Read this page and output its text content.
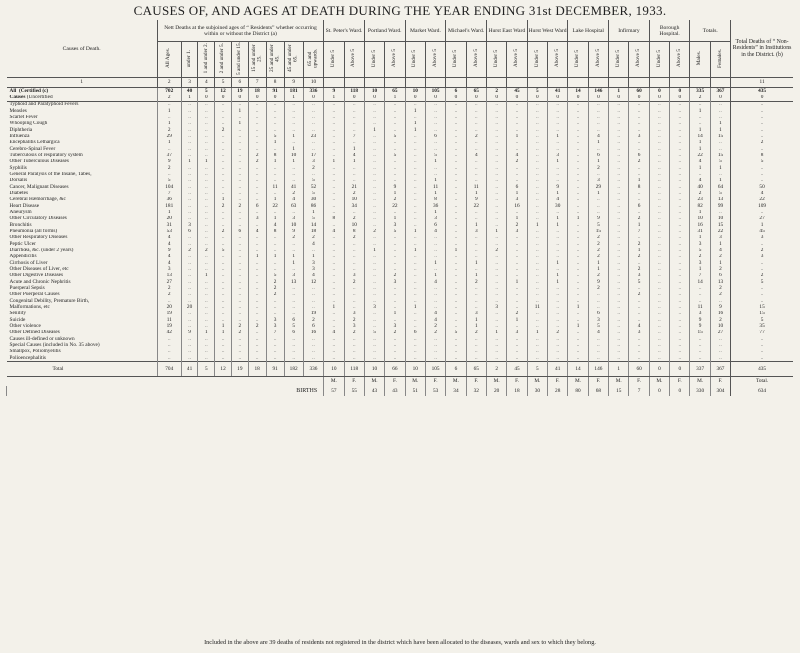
CAUSES OF, AND AGES AT DEATH DURING THE YEAR ENDING 31st DECEMBER, 1933.
Causes of Death.	Nett Deaths at the subjoined ages of “ Residents” whether occurring within or without the District (a)									St. Peter's Ward.		Portland Ward.		Market Ward.		Michael's Ward.		Hurst East Ward		Hurst West Ward		Lake Hospital		Infirmary		Borough Hospital.		Totals.		Total Deaths of “ Non-Residents” in Institutions in the District. (b)
	All Ages.	under 1.	1 and under 2.	2 and under 5.	5 and under 15.	15 and under 25.	25 and under 45.	45 and under 65.	65 and upwards.	Under 5	Above 5	Under 5	Above 5	Under 5	Above 5	Under 5	Above 5	Under 5	Above 5	Under 5	Above 5	Under 5	Above 5	Under 5	Above 5	Under 5	Above 5	Males.	Females.	
1	2	3	4	5	6	7	8	9	10																					11
All (Certified (c)	702	40	5	12	19	18	91	181	336	9	118	10	65	10	105	6	65	2	45	5	41	14	146	1	60	0	0	335	367	435
Causes (Uncertified	2	1	0	0	0	0	0	1	0	1	0	0	1	0	0	0	0	0	0	0	0	0	0	0	0	0	0	2	0	0
Typhoid and Paratyphoid Fevers	..	..	..	..	..	..	..	..	..	..	..	..	..	..	..	..	..	..	..	..	..	..	..	..	..	..	..	..	..	..
Measles	1	..	..	..	1	..	..	..	..	..	..	..	..	1	..	..	..	..	..	..	..	..	..	..	..	..	..	1	..	..
Scarlet Fever	..	..	..	..	..	..	..	..	..	..	..	..	..	..	..	..	..	..	..	..	..	..	..	..	..	..	..	..	..	..
Whooping Cough	1	..	..	..	1	..	..	..	..	..	..	..	..	1	..	..	..	..	..	..	..	..	..	..	..	..	..	..	1	..
Diphtheria	2	..	..	2	..	..	..	..	..	..	..	1	..	1	..	..	..	..	..	..	..	..	..	..	..	..	..	1	1	..
Influenza	29	..	..	..	..	..	5	1	23	..	7	..	5	..	6	..	2	..	1	..	1	..	4	..	3	..	..	14	15	..
Encephalitis Lethargica	1	..	..	..	..	..	1	..	..	..	..	..	..	..	..	..	..	..	..	..	..	..	1	..	..	..	..	1	..	2
Cerebro-Spinal Fever	..	..	..	..	..	..	..	1	..	..	1	..	..	..	..	..	..	..	..	..	..	..	..	..	..	..	..	1	..	..
Tuberculosis of respiratory system	37	..	..	..	..	2	8	10	17	..	4	..	5	..	5	..	4	..	4	..	3	..	6	..	6	..	..	22	15	8
Other Tuberculous Diseases	9	1	1	..	..	2	1	1	3	1	1	..	..	..	1	..	..	..	2	..	1	..	1	..	2	..	..	4	5	5
Syphilis	2	..	..	..	..	..	..	..	2	..	..	..	..	..	..	..	..	..	..	..	..	..	2	..	..	..	..	1	1	..
General Paralysis of the Insane, Tabes,	..	..	..	..	..	..	..	..	..	..	..	..	..	..	..	..	..	..	..	..	..	..	..	..	..	..	..	..	..	..
Dorsalis	5	..	..	..	..	..	..	..	5	..	..	..	..	..	1	..	..	..	..	..	..	..	3	..	1	..	..	4	1	..
Cancer, Malignant Diseases	104	..	..	..	..	..	11	41	52	..	21	..	9	..	11	..	11	..	6	..	9	..	29	..	8	..	..	40	64	50
Diabetes	7	..	..	..	..	..	..	2	5	..	2	..	1	..	1	..	1	..	1	..	1	..	1	..	..	..	..	2	5	4
Cerebral Hæmorrhage, &c	36	..	..	1	..	..	1	4	30	..	10	..	2	..	8	..	9	..	3	..	4	..	..	..	..	..	..	23	13	22
Heart Disease	181	..	..	2	2	6	22	63	86	..	34	..	22	..	36	..	22	..	16	..	30	..	..	..	6	..	..	82	99	109
Aneurysm	1	..	..	..	..	..	..	..	1	..	..	..	..	..	1	..	..	..	..	..	..	..	..	..	..	..	..	1	..	..
Other Circulatory Diseases	20	..	..	..	..	3	1	3	5	8	2	..	1	..	3	..	..	..	1	..	1	1	9	..	2	..	..	10	10	27
Bronchitis	31	3	..	..	..	..	4	10	14	..	10	..	3	..	6	..	1	..	2	1	1	..	5	..	1	..	..	16	15	1
Pneumonia (all forms)	53	6	..	2	6	4	8	9	18	4	8	2	5	1	4	..	3	1	3	..	..	..	15	..	7	..	..	31	22	45
Other Respiratory Diseases	4	..	..	..	..	..	..	2	2	..	2	..	..	..	..	..	..	..	..	..	..	..	2	..	..	..	..	1	3	3
Peptic Ulcer	4	..	..	..	..	..	..	..	4	..	..	..	..	..	..	..	..	..	..	..	..	..	2	..	2	..	..	3	1	..
Diarrhœa, &c. (under 2 years)	9	2	2	5	..	..	..	..	..	..	..	1	..	1	..	1	..	2	..	..	..	..	2	..	1	..	..	5	4	2
Appendicitis	4	..	..	..	..	1	1	1	1	..	..	..	..	..	..	..	..	..	..	..	..	..	2	..	2	..	..	2	2	3
Cirrhosis of Liver	4	..	..	..	..	..	..	1	3	..	..	..	..	..	1	..	1	..	..	..	1	..	1	..	..	..	..	3	1	..
Other Diseases of Liver, etc	3	..	..	..	..	..	..	..	3	..	..	..	..	..	..	..	..	..	..	..	..	..	1	..	2	..	..	1	2	..
Other Digestive Diseases	13	..	1	..	..	..	5	3	4	..	3	..	2	..	1	..	1	..	..	..	1	..	2	..	3	..	..	7	6	2
Acute and Chronic Nephritis	27	..	..	..	..	..	2	13	12	..	2	..	3	..	4	..	2	..	1	..	1	..	9	..	5	..	..	14	13	5
Puerperal Sepsis	2	..	..	..	..	..	2	..	..	..	..	..	..	..	..	..	..	..	..	..	..	..	2	..	..	..	..	..	2	..
Other Puerperal Causes	2	..	..	..	..	..	2	..	..	..	..	..	..	..	..	..	..	..	..	..	..	..	..	..	2	..	..	..	2	..
Congenital Debility, Premature Birth,	..	..	..	..	..	..	..	..	..	..	..	..	..	..	..	..	..	..	..	..	..	..	..	..	..	..	..	..	..	..
Malformations, etc	20	20	..	..	..	..	..	..	..	1	..	3	..	1	..	..	..	3	..	11	..	1	..	..	..	..	..	11	9	15
Senility	19	..	..	..	..	..	..	..	19	..	3	..	1	..	4	..	3	..	2	..	..	..	6	..	..	..	..	3	16	15
Suicide	11	..	..	..	..	..	3	6	2	..	2	..	..	..	4	..	1	..	1	..	..	..	3	..	..	..	..	9	2	5
Other violence	19	..	..	1	2	2	3	5	6	..	3	..	3	..	2	..	1	..	..	..	..	1	5	..	4	..	..	9	10	35
Other Defined Diseases	42	9	1	1	2	..	7	6	16	4	2	5	2	6	2	5	2	1	3	1	2	..	4	..	3	..	..	15	27	77
Causes ill-defined or unknown	..	..	..	..	..	..	..	..	..	..	..	..	..	..	..	..	..	..	..	..	..	..	..	..	..	..	..	..	..	..
Special Causes (included in No. 35 above)	..	..	..	..	..	..	..	..	..	..	..	..	..	..	..	..	..	..	..	..	..	..	..	..	..	..	..	..	..	..
Smallpox, Poliomyelitis	..	..	..	..	..	..	..	..	..	..	..	..	..	..	..	..	..	..	..	..	..	..	..	..	..	..	..	..	..	..
Polioencephalitis	..	..	..	..	..	..	..	..	..	..	..	..	..	..	..	..	..	..	..	..	..	..	..	..	..	..	..	..	..	..
Total	704	41	5	12	19	18	91	182	336	10	118	10	66	10	105	6	65	2	45	5	41	14	146	1	60	0	0	337	367	435
										M.	F.	M.	F.	M.	F.	M.	F.	M.	F.	M.	F.	M.	F.	M.	F.	M.	F.	M.	F.	Total.
BIRTHS										57	55	43	43	51	53	34	32	20	18	30	28	80	68	15	7	0	0	330	304	634
Included in the above are 39 deaths of residents not registered in the district which have been allocated to the diseases, wards and sex to which they belong.
